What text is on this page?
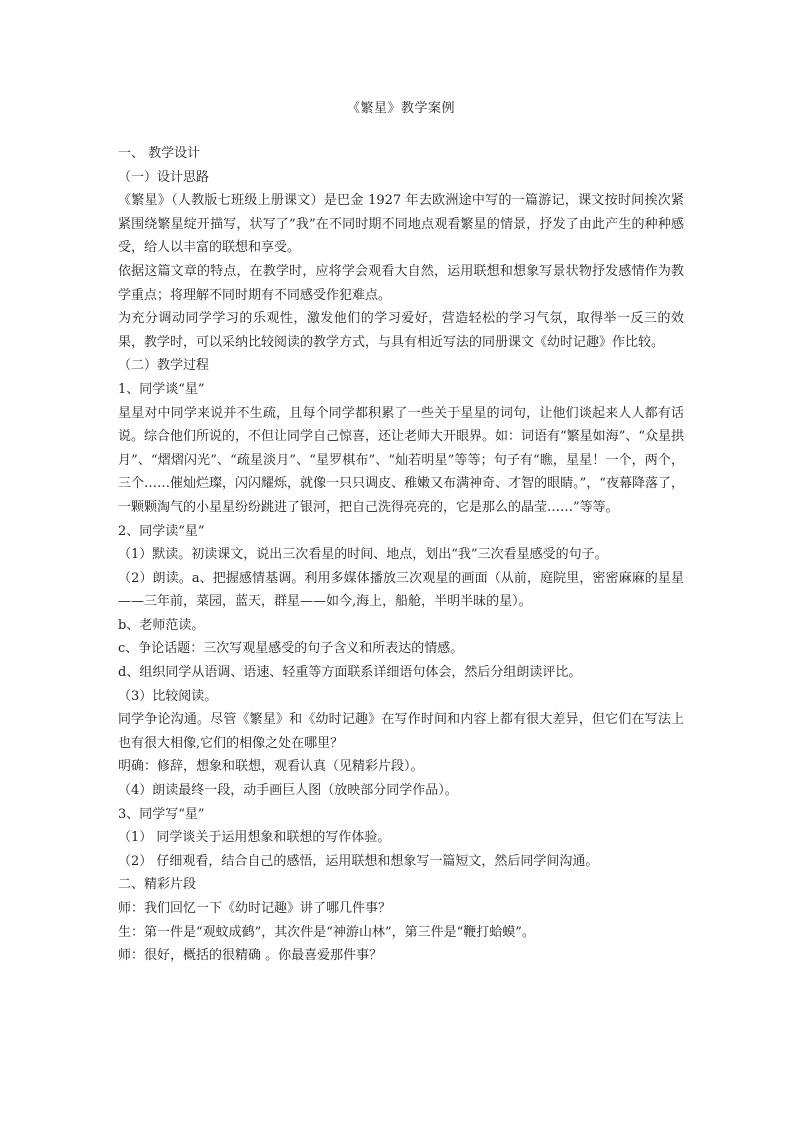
《繁星》教学案例

一、 教学设计

（一）设计思路

《繁星》（人教版七班级上册课文）是巴金 1927 年去欧洲途中写的一篇游记，课文按时间挨次紧紧围绕繁星绽开描写，状写了“我”在不同时期不同地点观看繁星的情景，抒发了由此产生的种种感受，给人以丰富的联想和享受。

依据这篇文章的特点，在教学时，应将学会观看大自然，运用联想和想象写景状物抒发感情作为教学重点；将理解不同时期有不同感受作犯难点。

为充分调动同学学习的乐观性，激发他们的学习爱好，营造轻松的学习气氛，取得举一反三的效果，教学时，可以采纳比较阅读的教学方式，与具有相近写法的同册课文《幼时记趣》作比较。

（二）教学过程

1、同学谈“星”

星星对中同学来说并不生疏，且每个同学都积累了一些关于星星的词句，让他们谈起来人人都有话说。综合他们所说的，不但让同学自己惊喜，还让老师大开眼界。如：词语有“繁星如海”、“众星拱月”、“熠熠闪光”、“疏星淡月”、“星罗棋布”、“灿若明星”等等；句子有“瞧，星星！一个，两个，三个……催灿烂璨，闪闪耀烁，就像一只只调皮、稚嫩又布满神奇、才智的眼睛。”，“夜幕降落了，一颗颗淘气的小星星纷纷跳进了银河，把自己洗得亮亮的，它是那么的晶莹……”等等。

2、同学读“星”

（1）默读。初读课文，说出三次看星的时间、地点，划出“我”三次看星感受的句子。

（2）朗读。a、把握感情基调。利用多媒体播放三次观星的画面（从前，庭院里，密密麻麻的星星——三年前，菜园，蓝天，群星——如今,海上，船舱，半明半昧的星）。

b、老师范读。

c、争论话题：三次写观星感受的句子含义和所表达的情感。

d、组织同学从语调、语速、轻重等方面联系详细语句体会，然后分组朗读评比。

（3）比较阅读。

同学争论沟通。尽管《繁星》和《幼时记趣》在写作时间和内容上都有很大差异，但它们在写法上也有很大相像,它们的相像之处在哪里？

明确：修辞，想象和联想，观看认真（见精彩片段）。

（4）朗读最终一段，动手画巨人图（放映部分同学作品）。

3、同学写“星”

（1） 同学谈关于运用想象和联想的写作体验。

（2） 仔细观看，结合自己的感悟，运用联想和想象写一篇短文，然后同学间沟通。

二、精彩片段

师：我们回忆一下《幼时记趣》讲了哪几件事？

生：第一件是“观蚊成鹤”，其次件是“神游山林”，第三件是“鞭打蛤蟆”。

师：很好，概括的很精确 。你最喜爱那件事？
